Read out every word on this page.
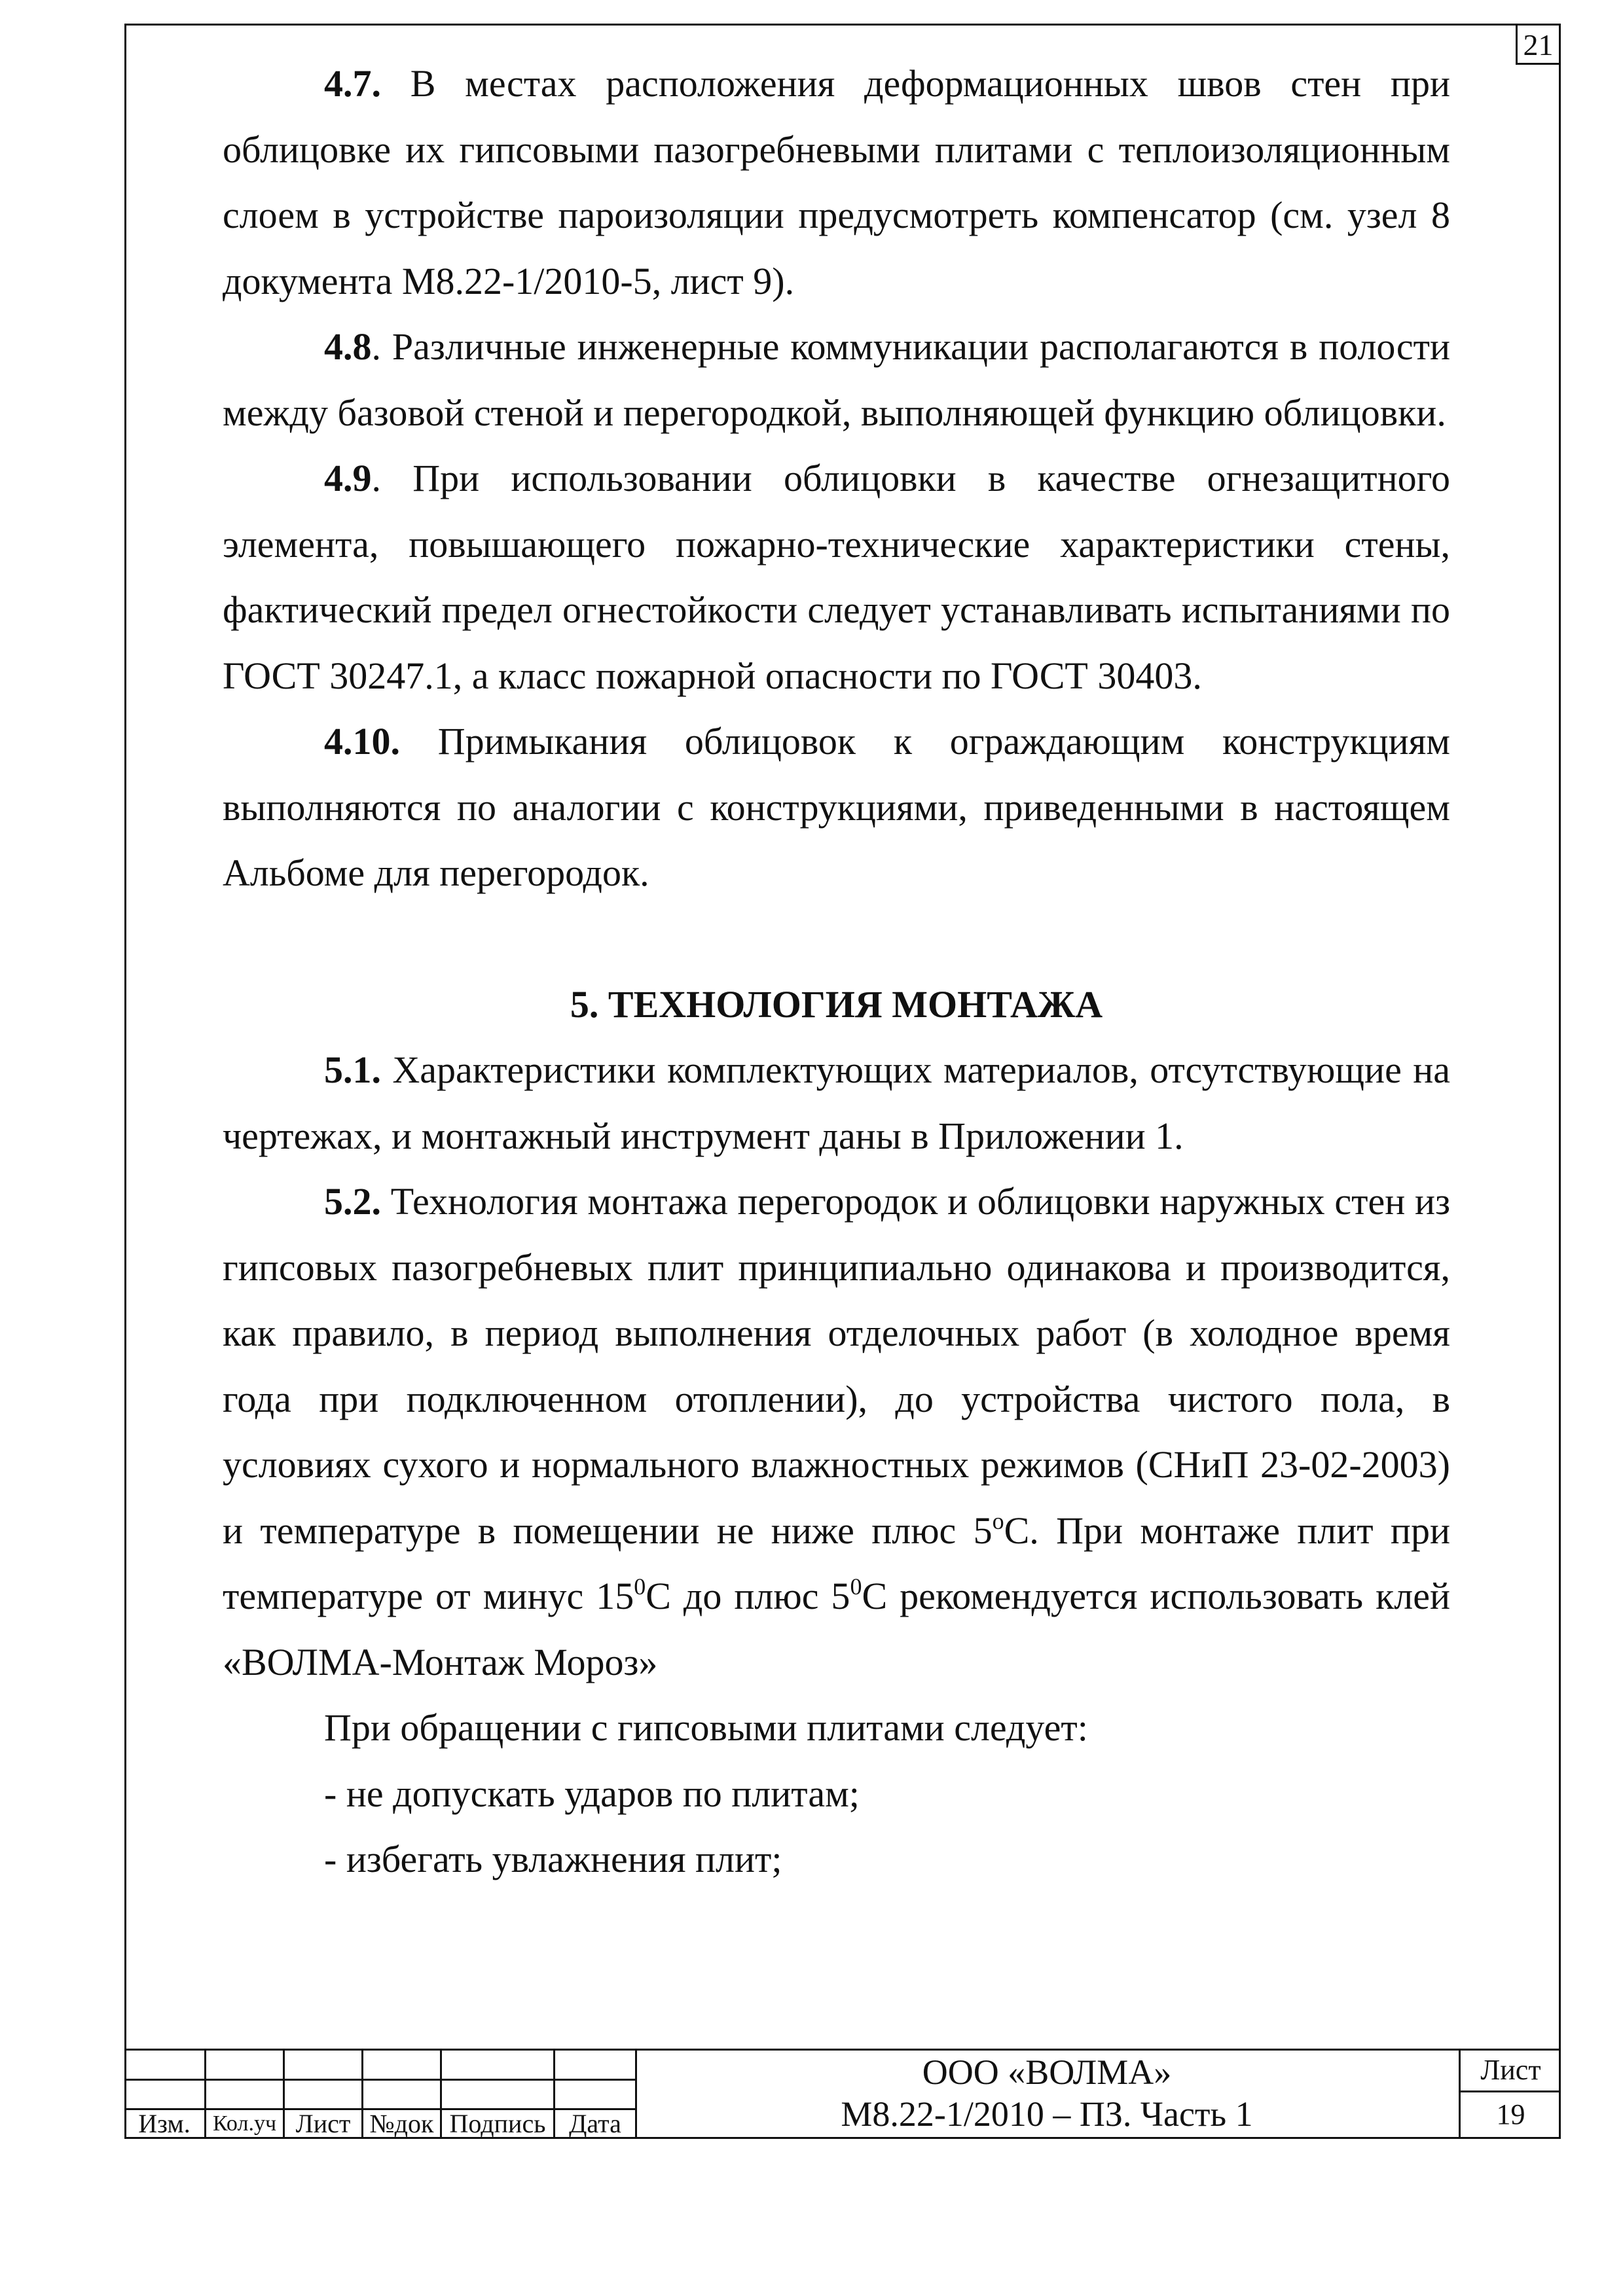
21

4.7. В местах расположения деформационных швов стен при облицовке их гипсовыми пазогребневыми плитами с теплоизоляционным слоем в устройстве пароизоляции предусмотреть компенсатор (см. узел 8 документа М8.22-1/2010-5, лист 9).

4.8. Различные инженерные коммуникации располагаются в полости между базовой стеной и перегородкой, выполняющей функцию облицовки.

4.9. При использовании облицовки в качестве огнезащитного элемента, повышающего пожарно-технические характеристики стены, фактический предел огнестойкости следует устанавливать испытаниями по ГОСТ 30247.1, а класс пожарной опасности по ГОСТ 30403.

4.10. Примыкания облицовок к ограждающим конструкциям выполняются по аналогии с конструкциями, приведенными в настоящем Альбоме для перегородок.

5. ТЕХНОЛОГИЯ МОНТАЖА

5.1. Характеристики комплектующих материалов, отсутствующие на чертежах, и монтажный инструмент даны в Приложении 1.

5.2. Технология монтажа перегородок и облицовки наружных стен из гипсовых пазогребневых плит принципиально одинакова и производится, как правило, в период выполнения отделочных работ (в холодное время года при подключенном отоплении), до устройства чистого пола, в условиях сухого и нормального влажностных режимов (СНиП 23-02-2003) и температуре в помещении не ниже плюс $5^оС$. При монтаже плит при температуре от минус $15^0С$ до плюс $5^0С$ рекомендуется использовать клей «ВОЛМА-Монтаж Мороз»

При обращении с гипсовыми плитами следует:

- не допускать ударов по плитам;

- избегать увлажнения плит;

Изм.	Кол.уч Лист №док Подпись Дата
ООО «ВОЛМА»
М8.22-1/2010 – ПЗ. Часть 1
Лист
19
